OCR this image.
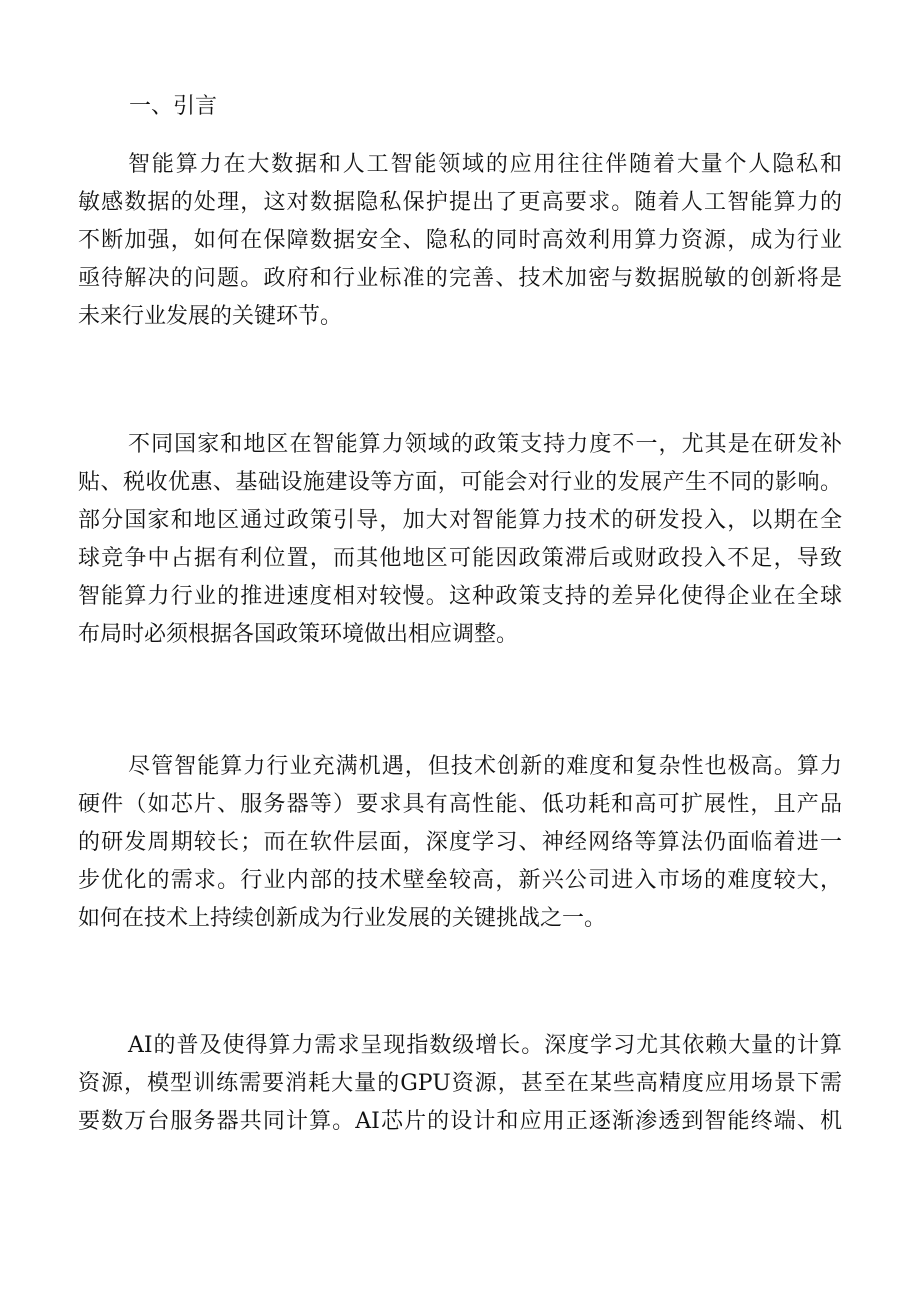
一、引言
智能算力在大数据和人工智能领域的应用往往伴随着大量个人隐私和
敏感数据的处理，这对数据隐私保护提出了更高要求。随着人工智能算力的
不断加强，如何在保障数据安全、隐私的同时高效利用算力资源，成为行业
亟待解决的问题。政府和行业标准的完善、技术加密与数据脱敏的创新将是
未来行业发展的关键环节。
不同国家和地区在智能算力领域的政策支持力度不一，尤其是在研发补
贴、税收优惠、基础设施建设等方面，可能会对行业的发展产生不同的影响。
部分国家和地区通过政策引导，加大对智能算力技术的研发投入，以期在全
球竞争中占据有利位置，而其他地区可能因政策滞后或财政投入不足，导致
智能算力行业的推进速度相对较慢。这种政策支持的差异化使得企业在全球
布局时必须根据各国政策环境做出相应调整。
尽管智能算力行业充满机遇，但技术创新的难度和复杂性也极高。算力
硬件（如芯片、服务器等）要求具有高性能、低功耗和高可扩展性，且产品
的研发周期较长；而在软件层面，深度学习、神经网络等算法仍面临着进一
步优化的需求。行业内部的技术壁垒较高，新兴公司进入市场的难度较大，
如何在技术上持续创新成为行业发展的关键挑战之一。
AI的普及使得算力需求呈现指数级增长。深度学习尤其依赖大量的计算
资源，模型训练需要消耗大量的GPU资源，甚至在某些高精度应用场景下需
要数万台服务器共同计算。AI芯片的设计和应用正逐渐渗透到智能终端、机
